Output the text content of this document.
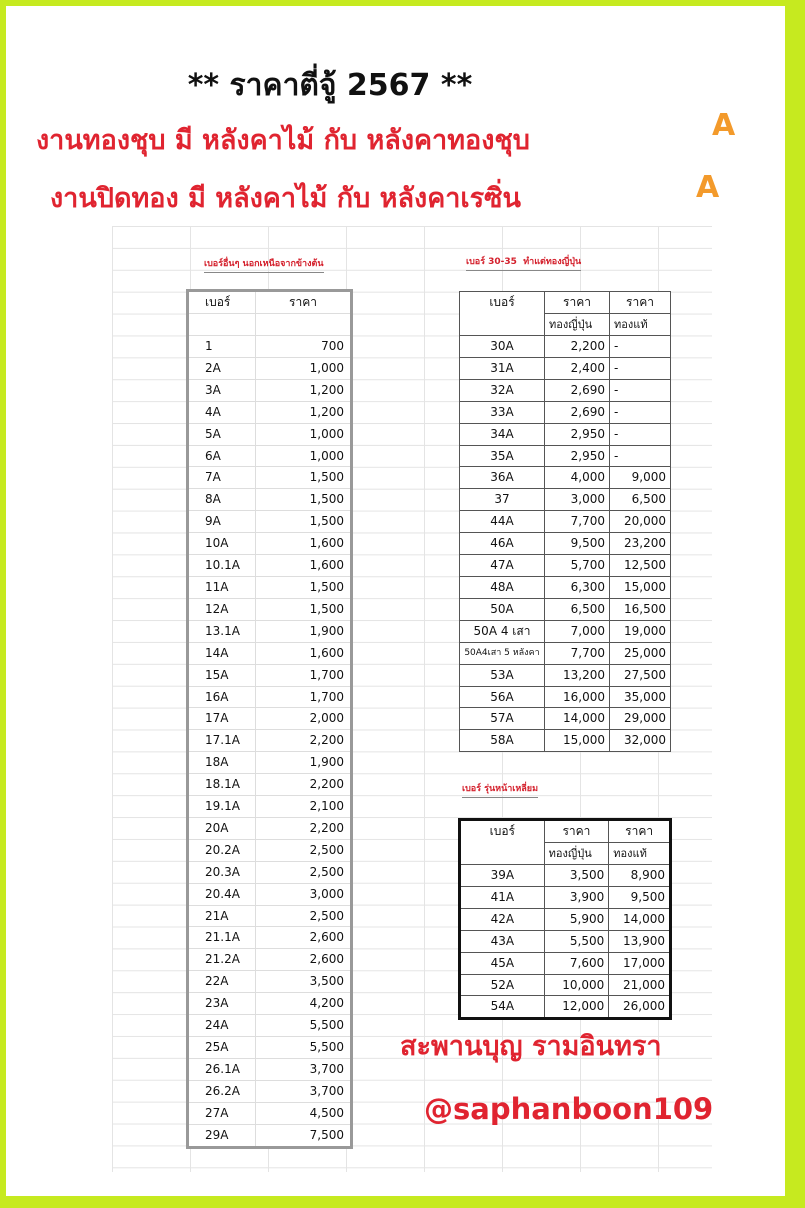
** ราคาตี่จู้ 2567 **
งานทองชุบ มี หลังคาไม้ กับ หลังคาทองชุบ	A
งานปิดทอง มี หลังคาไม้ กับ หลังคาเรซิ่น	A
เบอร์อื่นๆ นอกเหนือจากข้างต้น	เบอร์ 30-35 ทำแต่ทองญี่ปุ่น
เบอร์ รุ่นหน้าเหลี่ยม
เบอร์	ราคา

1	700
2A	1,000
3A	1,200
4A	1,200
5A	1,000
6A	1,000
7A	1,500
8A	1,500
9A	1,500
10A	1,600
10.1A	1,600
11A	1,500
12A	1,500
13.1A	1,900
14A	1,600
15A	1,700
16A	1,700
17A	2,000
17.1A	2,200
18A	1,900
18.1A	2,200
19.1A	2,100
20A	2,200
20.2A	2,500
20.3A	2,500
20.4A	3,000
21A	2,500
21.1A	2,600
21.2A	2,600
22A	3,500
23A	4,200
24A	5,500
25A	5,500
26.1A	3,700
26.2A	3,700
27A	4,500
29A	7,500
เบอร์	ราคา	ราคา
	ทองญี่ปุ่น	ทองแท้
30A	2,200	-
31A	2,400	-
32A	2,690	-
33A	2,690	-
34A	2,950	-
35A	2,950	-
36A	4,000	9,000
37	3,000	6,500
44A	7,700	20,000
46A	9,500	23,200
47A	5,700	12,500
48A	6,300	15,000
50A	6,500	16,500
50A 4 เสา	7,000	19,000
50A4เสา 5 หลังคา	7,700	25,000
53A	13,200	27,500
56A	16,000	35,000
57A	14,000	29,000
58A	15,000	32,000
เบอร์	ราคา	ราคา
	ทองญี่ปุ่น	ทองแท้
39A	3,500	8,900
41A	3,900	9,500
42A	5,900	14,000
43A	5,500	13,900
45A	7,600	17,000
52A	10,000	21,000
54A	12,000	26,000
สะพานบุญ รามอินทรา
@saphanboon109
